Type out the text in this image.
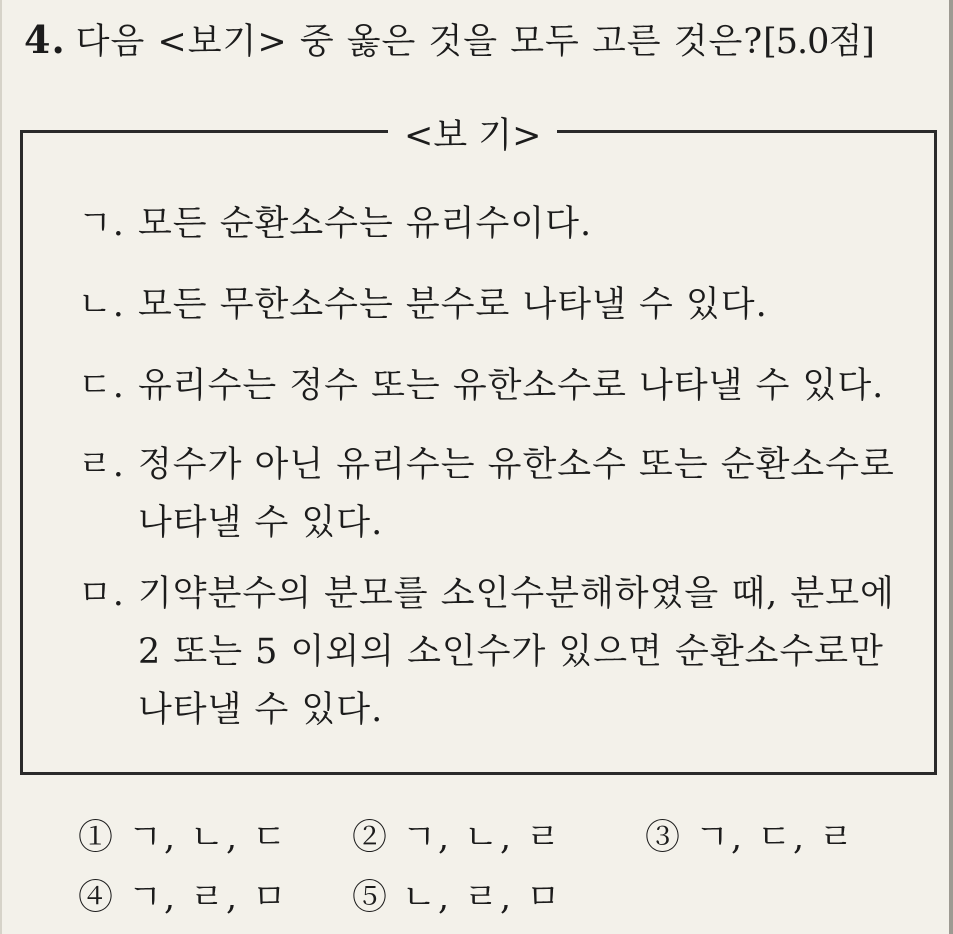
4. 다음 <보기> 중 옳은 것을 모두 고른 것은?[5.0점]
<보 기>
ㄱ. 모든 순환소수는 유리수이다.
ㄴ. 모든 무한소수는 분수로 나타낼 수 있다.
ㄷ. 유리수는 정수 또는 유한소수로 나타낼 수 있다.
ㄹ. 정수가 아닌 유리수는 유한소수 또는 순환소수로
나타낼 수 있다.
ㅁ. 기약분수의 분모를 소인수분해하였을 때, 분모에
2 또는 5 이외의 소인수가 있으면 순환소수로만
나타낼 수 있다.
① ㄱ, ㄴ, ㄷ ② ㄱ, ㄴ, ㄹ ③ ㄱ, ㄷ, ㄹ
④ ㄱ, ㄹ, ㅁ ⑤ ㄴ, ㄹ, ㅁ
